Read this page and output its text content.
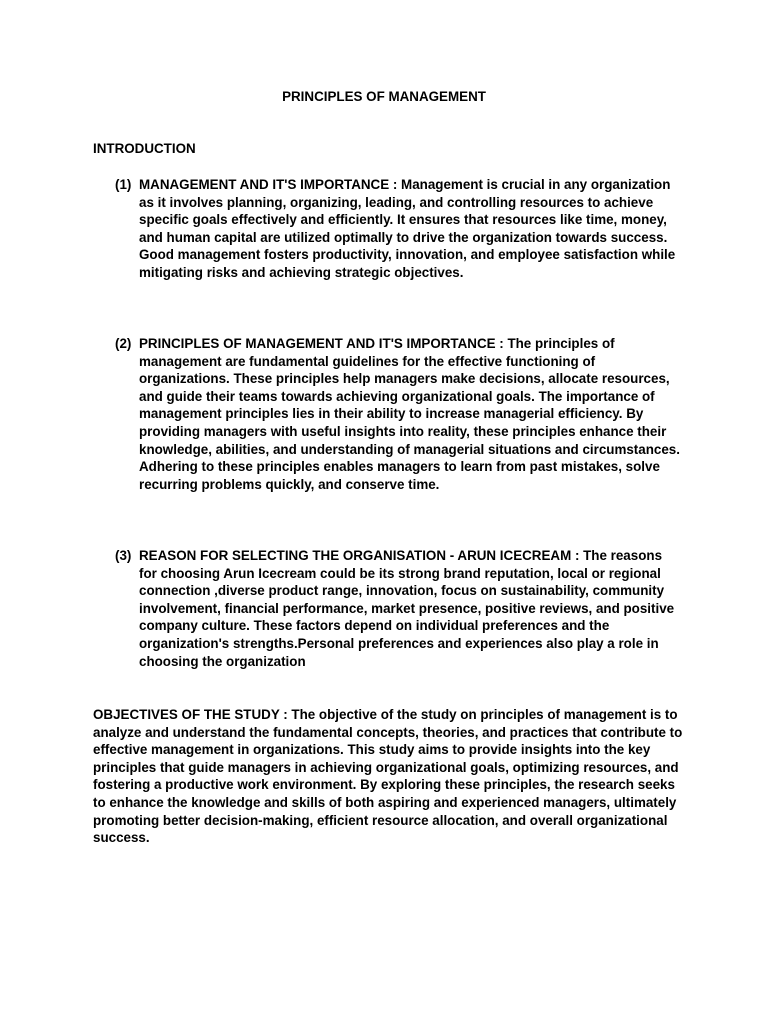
PRINCIPLES OF MANAGEMENT
INTRODUCTION
(1) MANAGEMENT AND IT'S IMPORTANCE : Management is crucial in any organization as it involves planning, organizing, leading, and controlling resources to achieve specific goals effectively and efficiently. It ensures that resources like time, money, and human capital are utilized optimally to drive the organization towards success. Good management fosters productivity, innovation, and employee satisfaction while mitigating risks and achieving strategic objectives.
(2) PRINCIPLES OF MANAGEMENT AND IT'S IMPORTANCE : The principles of management are fundamental guidelines for the effective functioning of organizations. These principles help managers make decisions, allocate resources, and guide their teams towards achieving organizational goals. The importance of management principles lies in their ability to increase managerial efficiency. By providing managers with useful insights into reality, these principles enhance their knowledge, abilities, and understanding of managerial situations and circumstances. Adhering to these principles enables managers to learn from past mistakes, solve recurring problems quickly, and conserve time.
(3) REASON FOR SELECTING THE ORGANISATION - ARUN ICECREAM : The reasons for choosing Arun Icecream could be its strong brand reputation, local or regional connection ,diverse product range, innovation, focus on sustainability, community involvement, financial performance, market presence, positive reviews, and positive company culture. These factors depend on individual preferences and the organization's strengths.Personal preferences and experiences also play a role in choosing the organization

OBJECTIVES OF THE STUDY : The objective of the study on principles of management is to analyze and understand the fundamental concepts, theories, and practices that contribute to effective management in organizations. This study aims to provide insights into the key principles that guide managers in achieving organizational goals, optimizing resources, and fostering a productive work environment. By exploring these principles, the research seeks to enhance the knowledge and skills of both aspiring and experienced managers, ultimately promoting better decision-making, efficient resource allocation, and overall organizational success.
